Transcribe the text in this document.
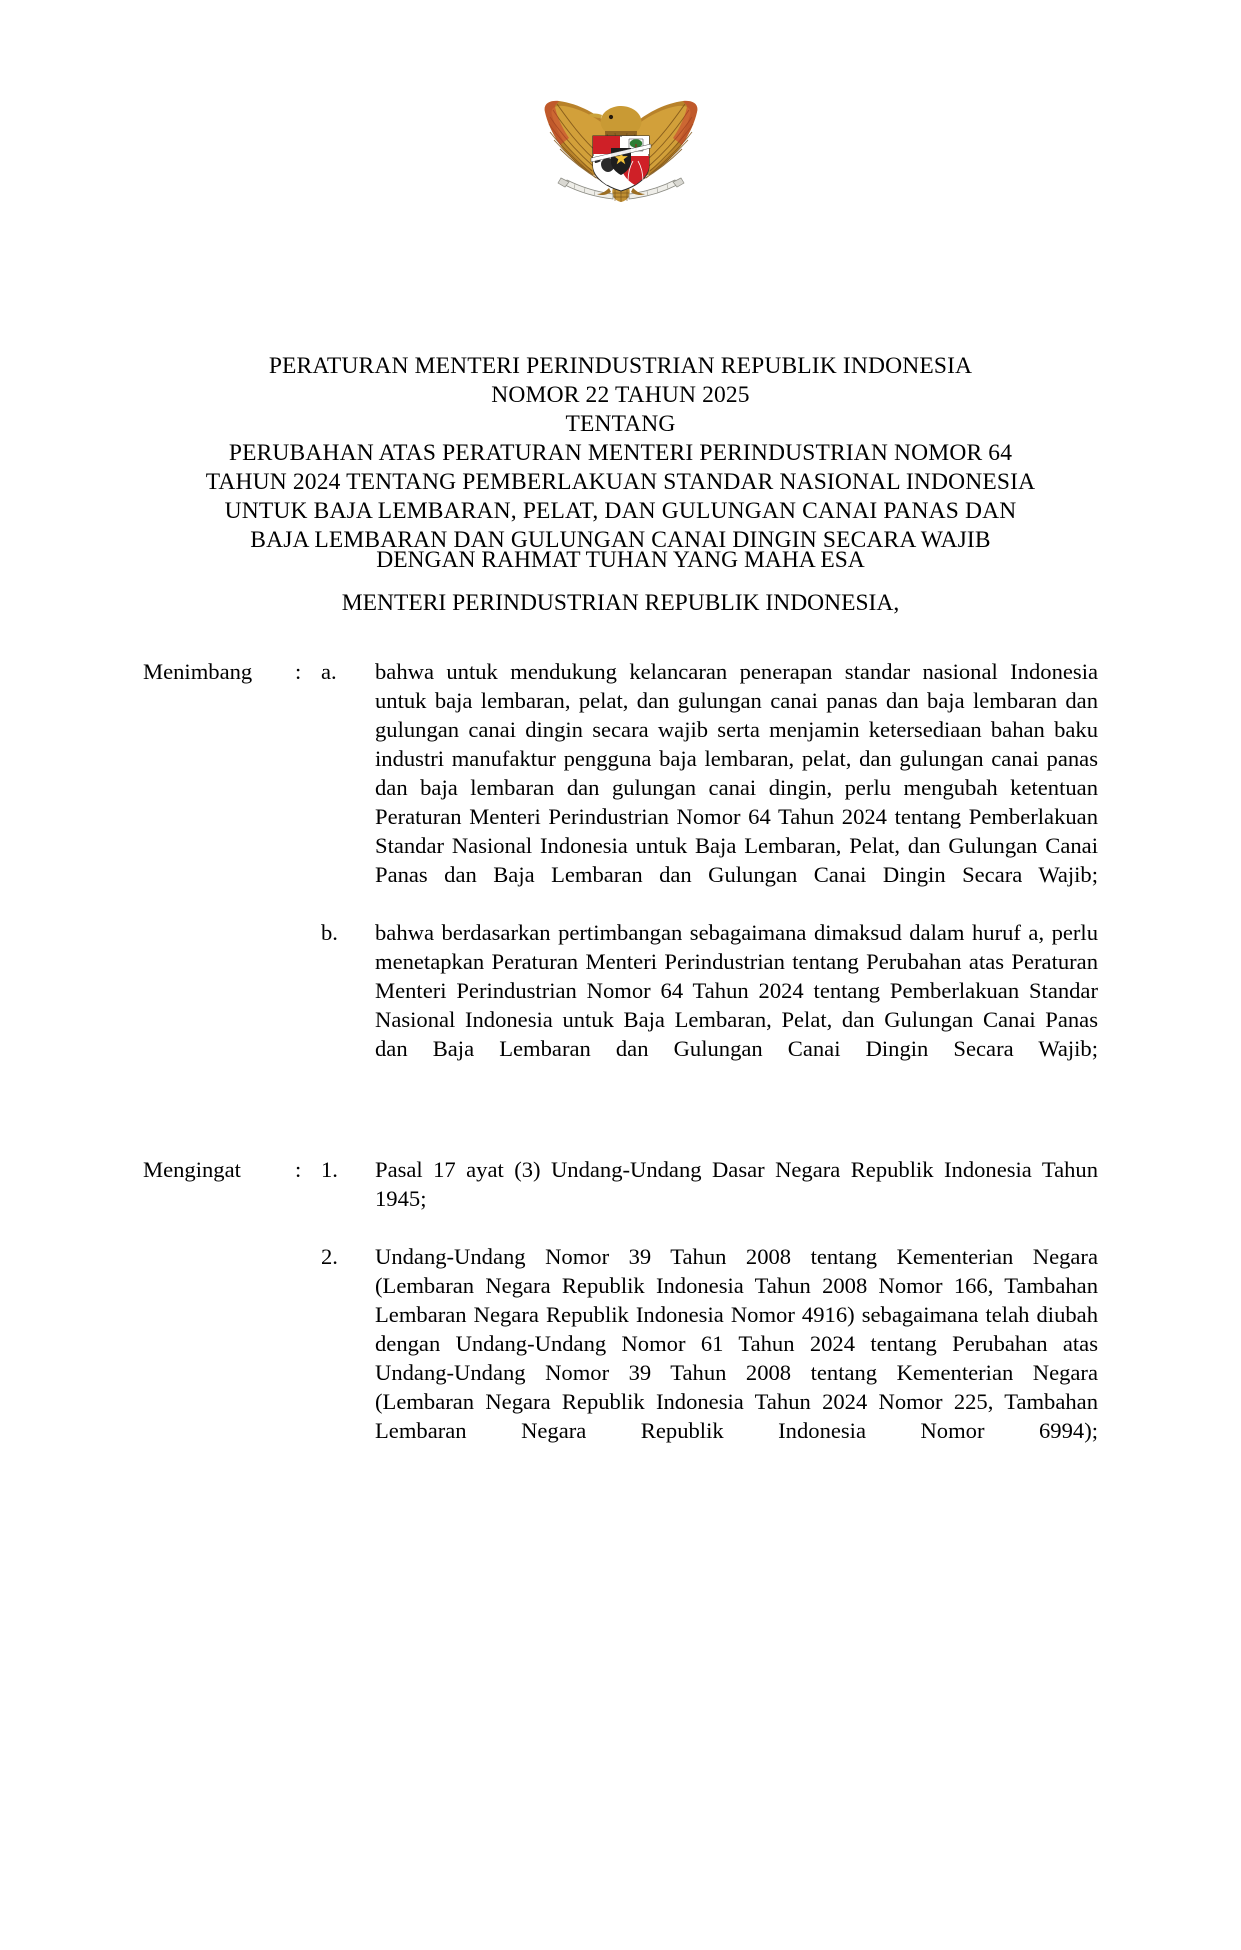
PERATURAN MENTERI PERINDUSTRIAN REPUBLIK INDONESIA
NOMOR 22 TAHUN 2025
TENTANG
PERUBAHAN ATAS PERATURAN MENTERI PERINDUSTRIAN NOMOR 64
TAHUN 2024 TENTANG PEMBERLAKUAN STANDAR NASIONAL INDONESIA
UNTUK BAJA LEMBARAN, PELAT, DAN GULUNGAN CANAI PANAS DAN
BAJA LEMBARAN DAN GULUNGAN CANAI DINGIN SECARA WAJIB
DENGAN RAHMAT TUHAN YANG MAHA ESA
MENTERI PERINDUSTRIAN REPUBLIK INDONESIA,
Menimbang	: a.	bahwa untuk mendukung kelancaran penerapan standar nasional Indonesia untuk baja lembaran, pelat, dan gulungan canai panas dan baja lembaran dan gulungan canai dingin secara wajib serta menjamin ketersediaan bahan baku industri manufaktur pengguna baja lembaran, pelat, dan gulungan canai panas dan baja lembaran dan gulungan canai dingin, perlu mengubah ketentuan Peraturan Menteri Perindustrian Nomor 64 Tahun 2024 tentang Pemberlakuan Standar Nasional Indonesia untuk Baja Lembaran, Pelat, dan Gulungan Canai Panas dan Baja Lembaran dan Gulungan Canai Dingin Secara Wajib;
b.	bahwa berdasarkan pertimbangan sebagaimana dimaksud dalam huruf a, perlu menetapkan Peraturan Menteri Perindustrian tentang Perubahan atas Peraturan Menteri Perindustrian Nomor 64 Tahun 2024 tentang Pemberlakuan Standar Nasional Indonesia untuk Baja Lembaran, Pelat, dan Gulungan Canai Panas dan Baja Lembaran dan Gulungan Canai Dingin Secara Wajib;
Mengingat	: 1.	Pasal 17 ayat (3) Undang-Undang Dasar Negara Republik Indonesia Tahun 1945;
2.	Undang-Undang Nomor 39 Tahun 2008 tentang Kementerian Negara (Lembaran Negara Republik Indonesia Tahun 2008 Nomor 166, Tambahan Lembaran Negara Republik Indonesia Nomor 4916) sebagaimana telah diubah dengan Undang-Undang Nomor 61 Tahun 2024 tentang Perubahan atas Undang-Undang Nomor 39 Tahun 2008 tentang Kementerian Negara (Lembaran Negara Republik Indonesia Tahun 2024 Nomor 225, Tambahan Lembaran Negara Republik Indonesia Nomor 6994);
